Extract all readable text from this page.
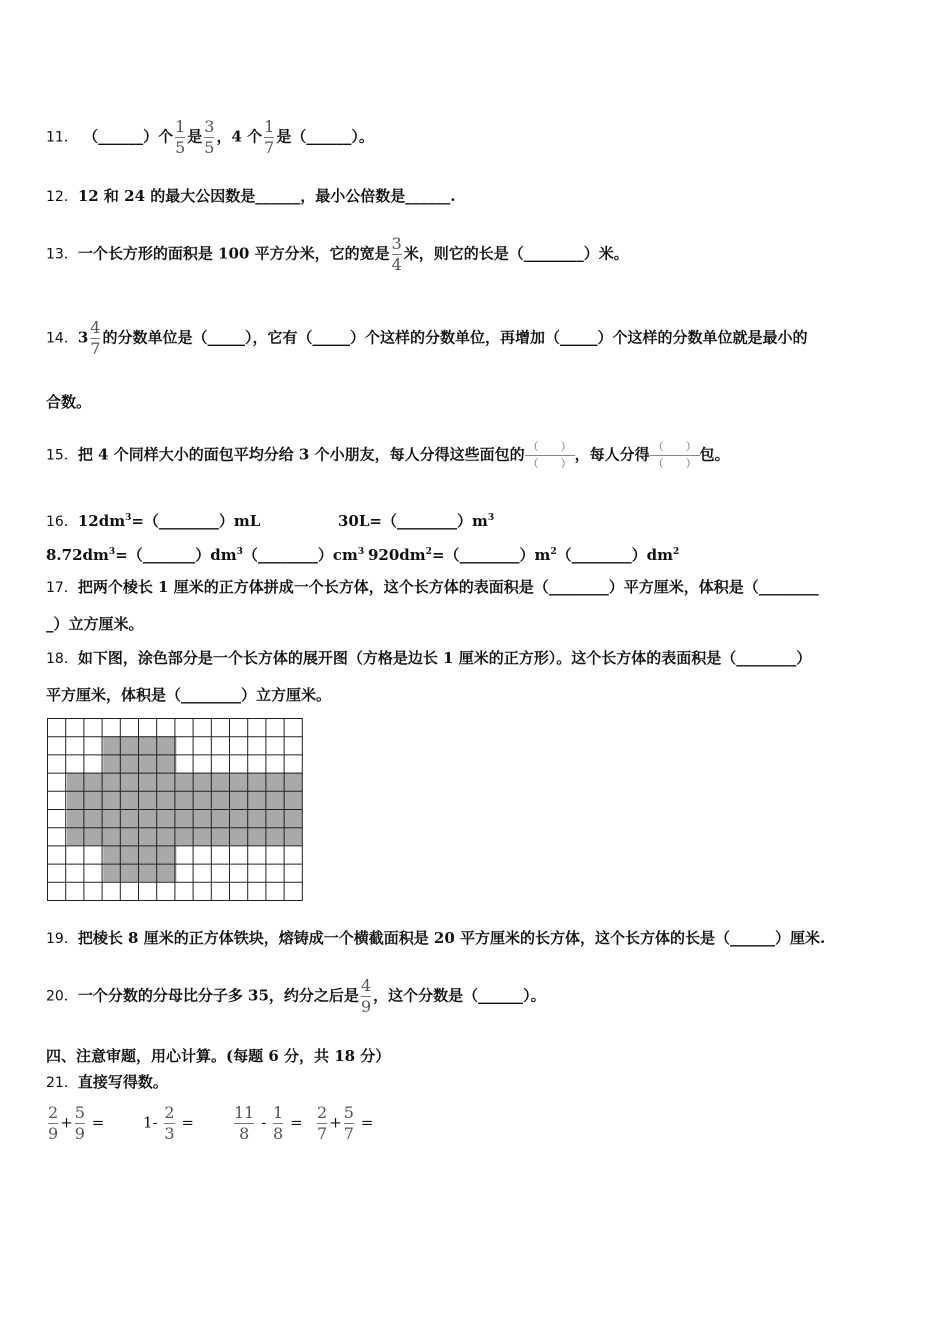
11． （______）个 $\frac{1}{5}$ 是 $\frac{3}{5}$ ，4 个 $\frac{1}{7}$ 是（______）。
12．12 和 24 的最大公因数是______，最小公倍数是______.
13．一个长方形的面积是 100 平方分米，它的宽是 $\frac{3}{4}$ 米，则它的长是（________）米。
14．$3 \frac{4}{7}$ 的分数单位是（_____），它有（_____）个这样的分数单位，再增加（_____）个这样的分数单位就是最小的
合数。
15．把 4 个同样大小的面包平均分给 3 个小朋友，每人分得这些面包的 （　　）
（　　） ，每人分得 （　　）
（　　） 包。
16．$12dm^3=(\_\_\_\_\_\_\_\_)mL$	$30L=(\_\_\_\_\_\_\_\_)m^3$
$8.72dm^3=(\_\_\_\_\_\_\_)dm^3(\_\_\_\_\_\_\_\_)cm^3$ $920dm^2=(\_\_\_\_\_\_\_\_)m^2(\_\_\_\_\_\_\_\_)dm^2$
17．把两个棱长 1 厘米的正方体拼成一个长方体，这个长方体的表面积是（________）平方厘米，体积是（________
_）立方厘米。
18．如下图，涂色部分是一个长方体的展开图（方格是边长 1 厘米的正方形）。这个长方体的表面积是（________）
平方厘米，体积是（________）立方厘米。
19．把棱长 8 厘米的正方体铁块，熔铸成一个横截面积是 20 平方厘米的长方体，这个长方体的长是（______）厘米.
20．一个分数的分母比分子多 35，约分之后是 $\frac{4}{9}$ ，这个分数是（______）。
四、注意审题，用心计算。(每题 6 分，共 18 分）
21．直接写得数。
$\frac{2}{9} + \frac{5}{9}$ =	$1- \frac{2}{3}$ =	$\frac{11}{8} - \frac{1}{8} = \frac{2}{7} + \frac{5}{7}$ =
